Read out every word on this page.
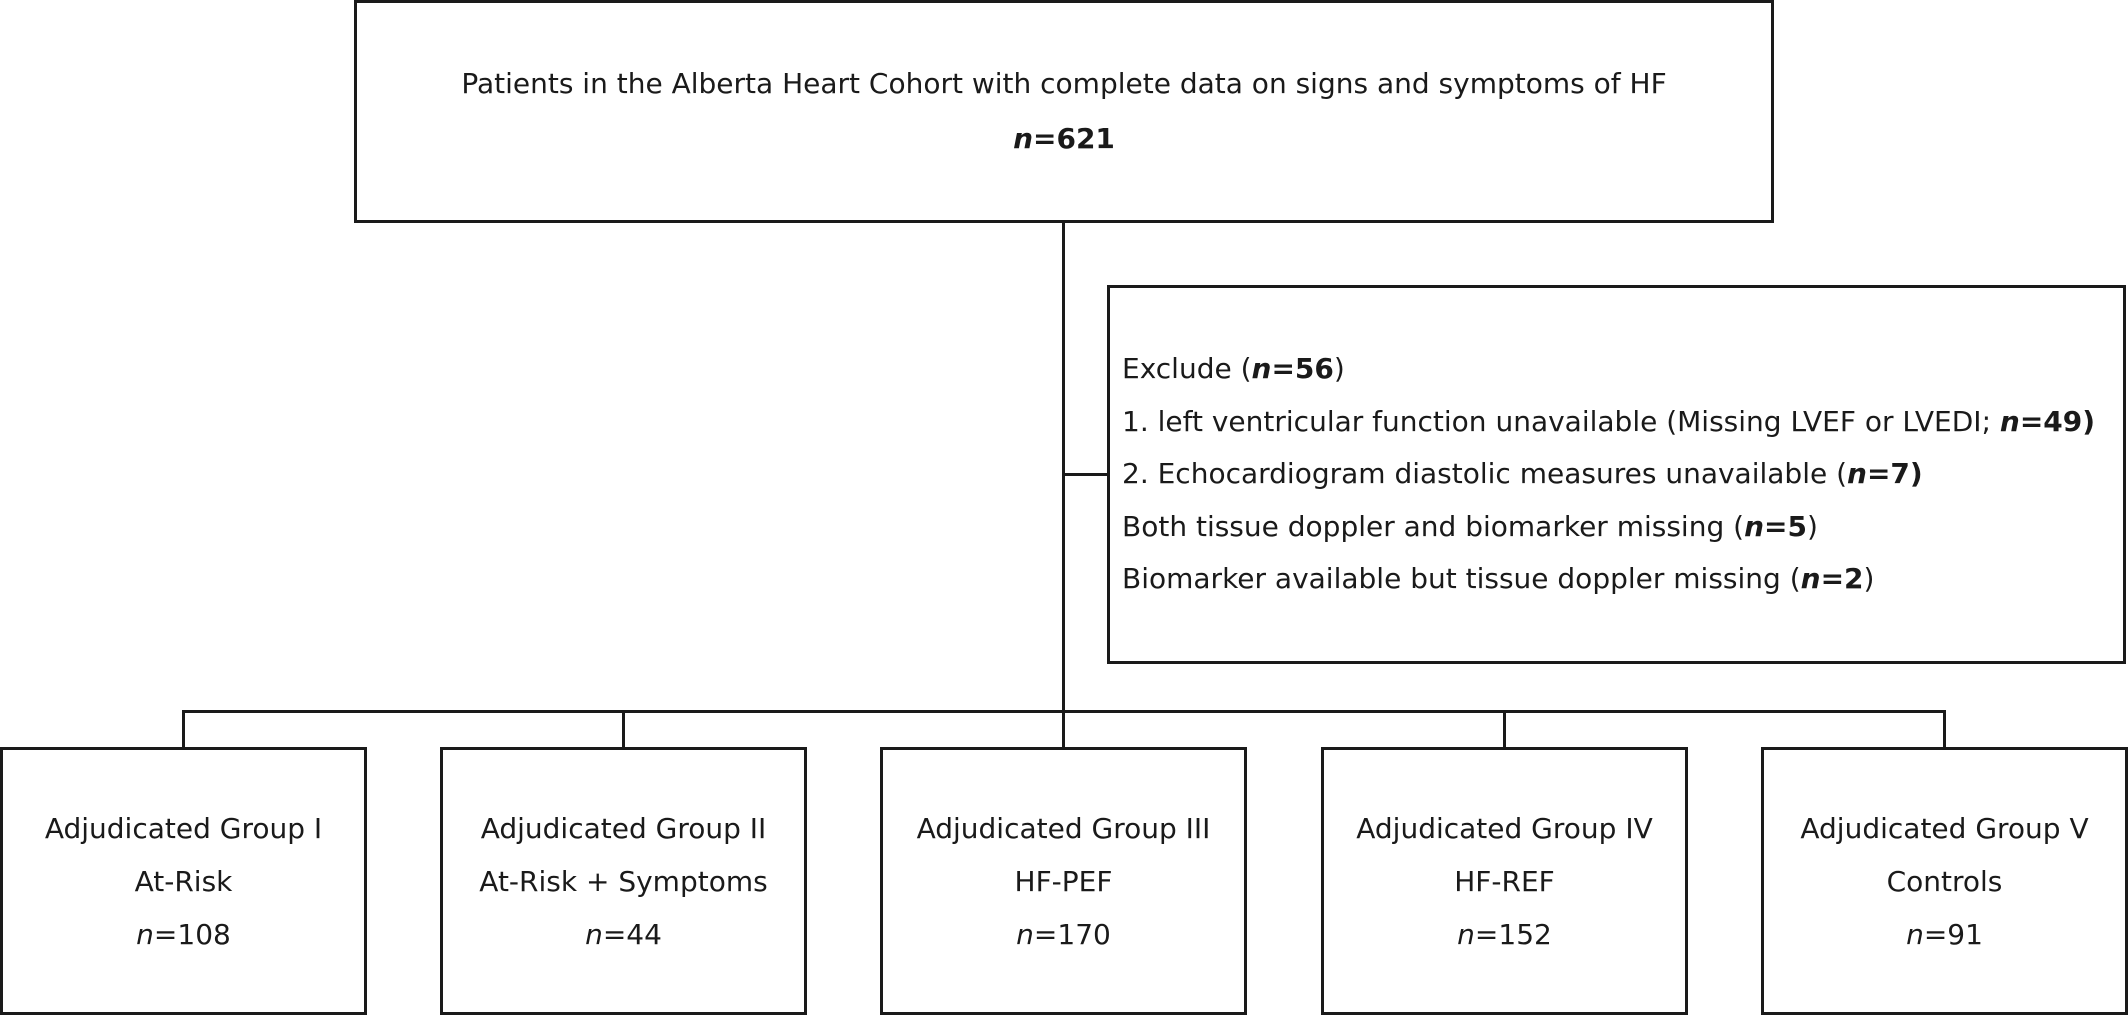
Patients in the Alberta Heart Cohort with complete data on signs and symptoms of HF
n=621
Exclude (n=56)
1. left ventricular function unavailable (Missing LVEF or LVEDI; n=49)
2. Echocardiogram diastolic measures unavailable (n=7)
Both tissue doppler and biomarker missing (n=5)
Biomarker available but tissue doppler missing (n=2)
Adjudicated Group I
At-Risk
n=108
Adjudicated Group II
At-Risk + Symptoms
n=44
Adjudicated Group III
HF-PEF
n=170
Adjudicated Group IV
HF-REF
n=152
Adjudicated Group V
Controls
n=91
